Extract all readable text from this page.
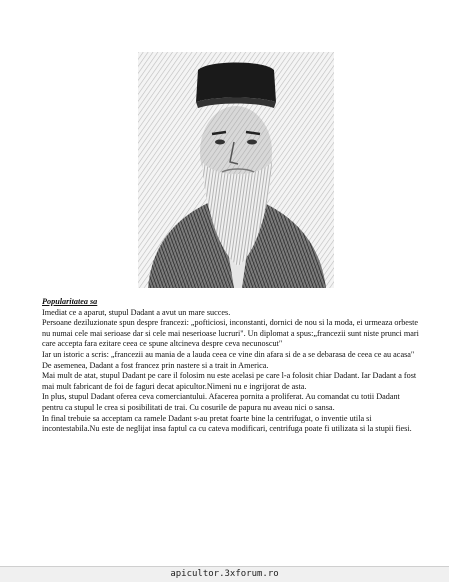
Popularitatea sa

Imediat ce a aparut, stupul Dadant a avut un mare succes.

Persoane deziluzionate spun despre francezi: „pofticiosi, inconstanti, dornici de nou si la moda, ei urmeaza orbeste nu numai cele mai serioase dar si cele mai neserioase lucruri". Un diplomat a spus:„francezii sunt niste prunci mari care accepta fara ezitare ceea ce spune altcineva despre ceva necunoscut"

Iar un istoric a scris: „francezii au mania de a lauda ceea ce vine din afara si de a se debarasa de ceea ce au acasa"

De asemenea, Dadant a fost francez prin nastere si a trait in America.

Mai mult de atat, stupul Dadant pe care il folosim nu este acelasi pe care l-a folosit chiar Dadant. Iar Dadant a fost mai mult fabricant de foi de faguri decat apicultor.Nimeni nu e ingrijorat de asta.

In plus, stupul Dadant oferea ceva comerciantului. Afacerea pornita a proliferat. Au comandat cu totii Dadant pentru ca stupul le crea si posibilitati de trai. Cu cosurile de papura nu aveau nici o sansa.

In final trebuie sa acceptam ca ramele Dadant s-au pretat foarte bine la centrifugat, o inventie utila si incontestabila.Nu este de neglijat insa faptul ca cu cateva modificari, centrifuga poate fi utilizata si la stupii fiesi.

apicultor.3xforum.ro
